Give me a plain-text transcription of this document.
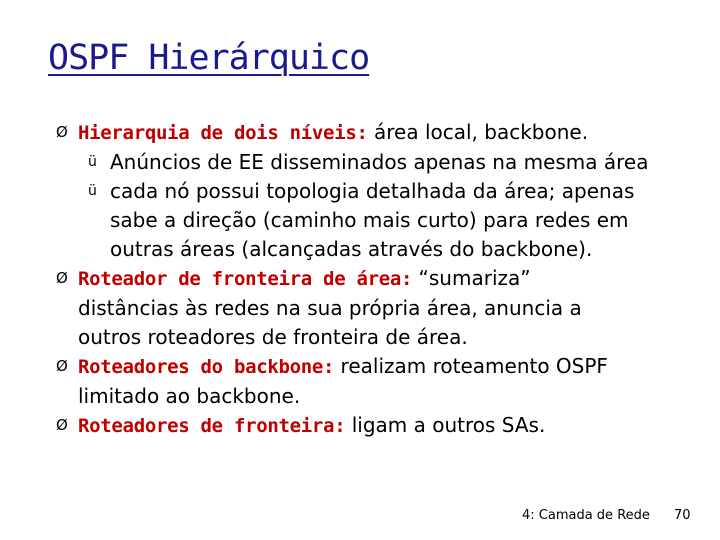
OSPF Hierárquico
Ø Hierarquia de dois níveis: área local, backbone.
ü Anúncios de EE disseminados apenas na mesma área
ü cada nó possui topologia detalhada da área; apenas
sabe a direção (caminho mais curto) para redes em
outras áreas (alcançadas através do backbone).
Ø Roteador de fronteira de área: “sumariza”
distâncias às redes na sua própria área, anuncia a
outros roteadores de fronteira de área.
Ø Roteadores do backbone: realizam roteamento OSPF
limitado ao backbone.
Ø Roteadores de fronteira: ligam a outros SAs.
4: Camada de Rede 70
